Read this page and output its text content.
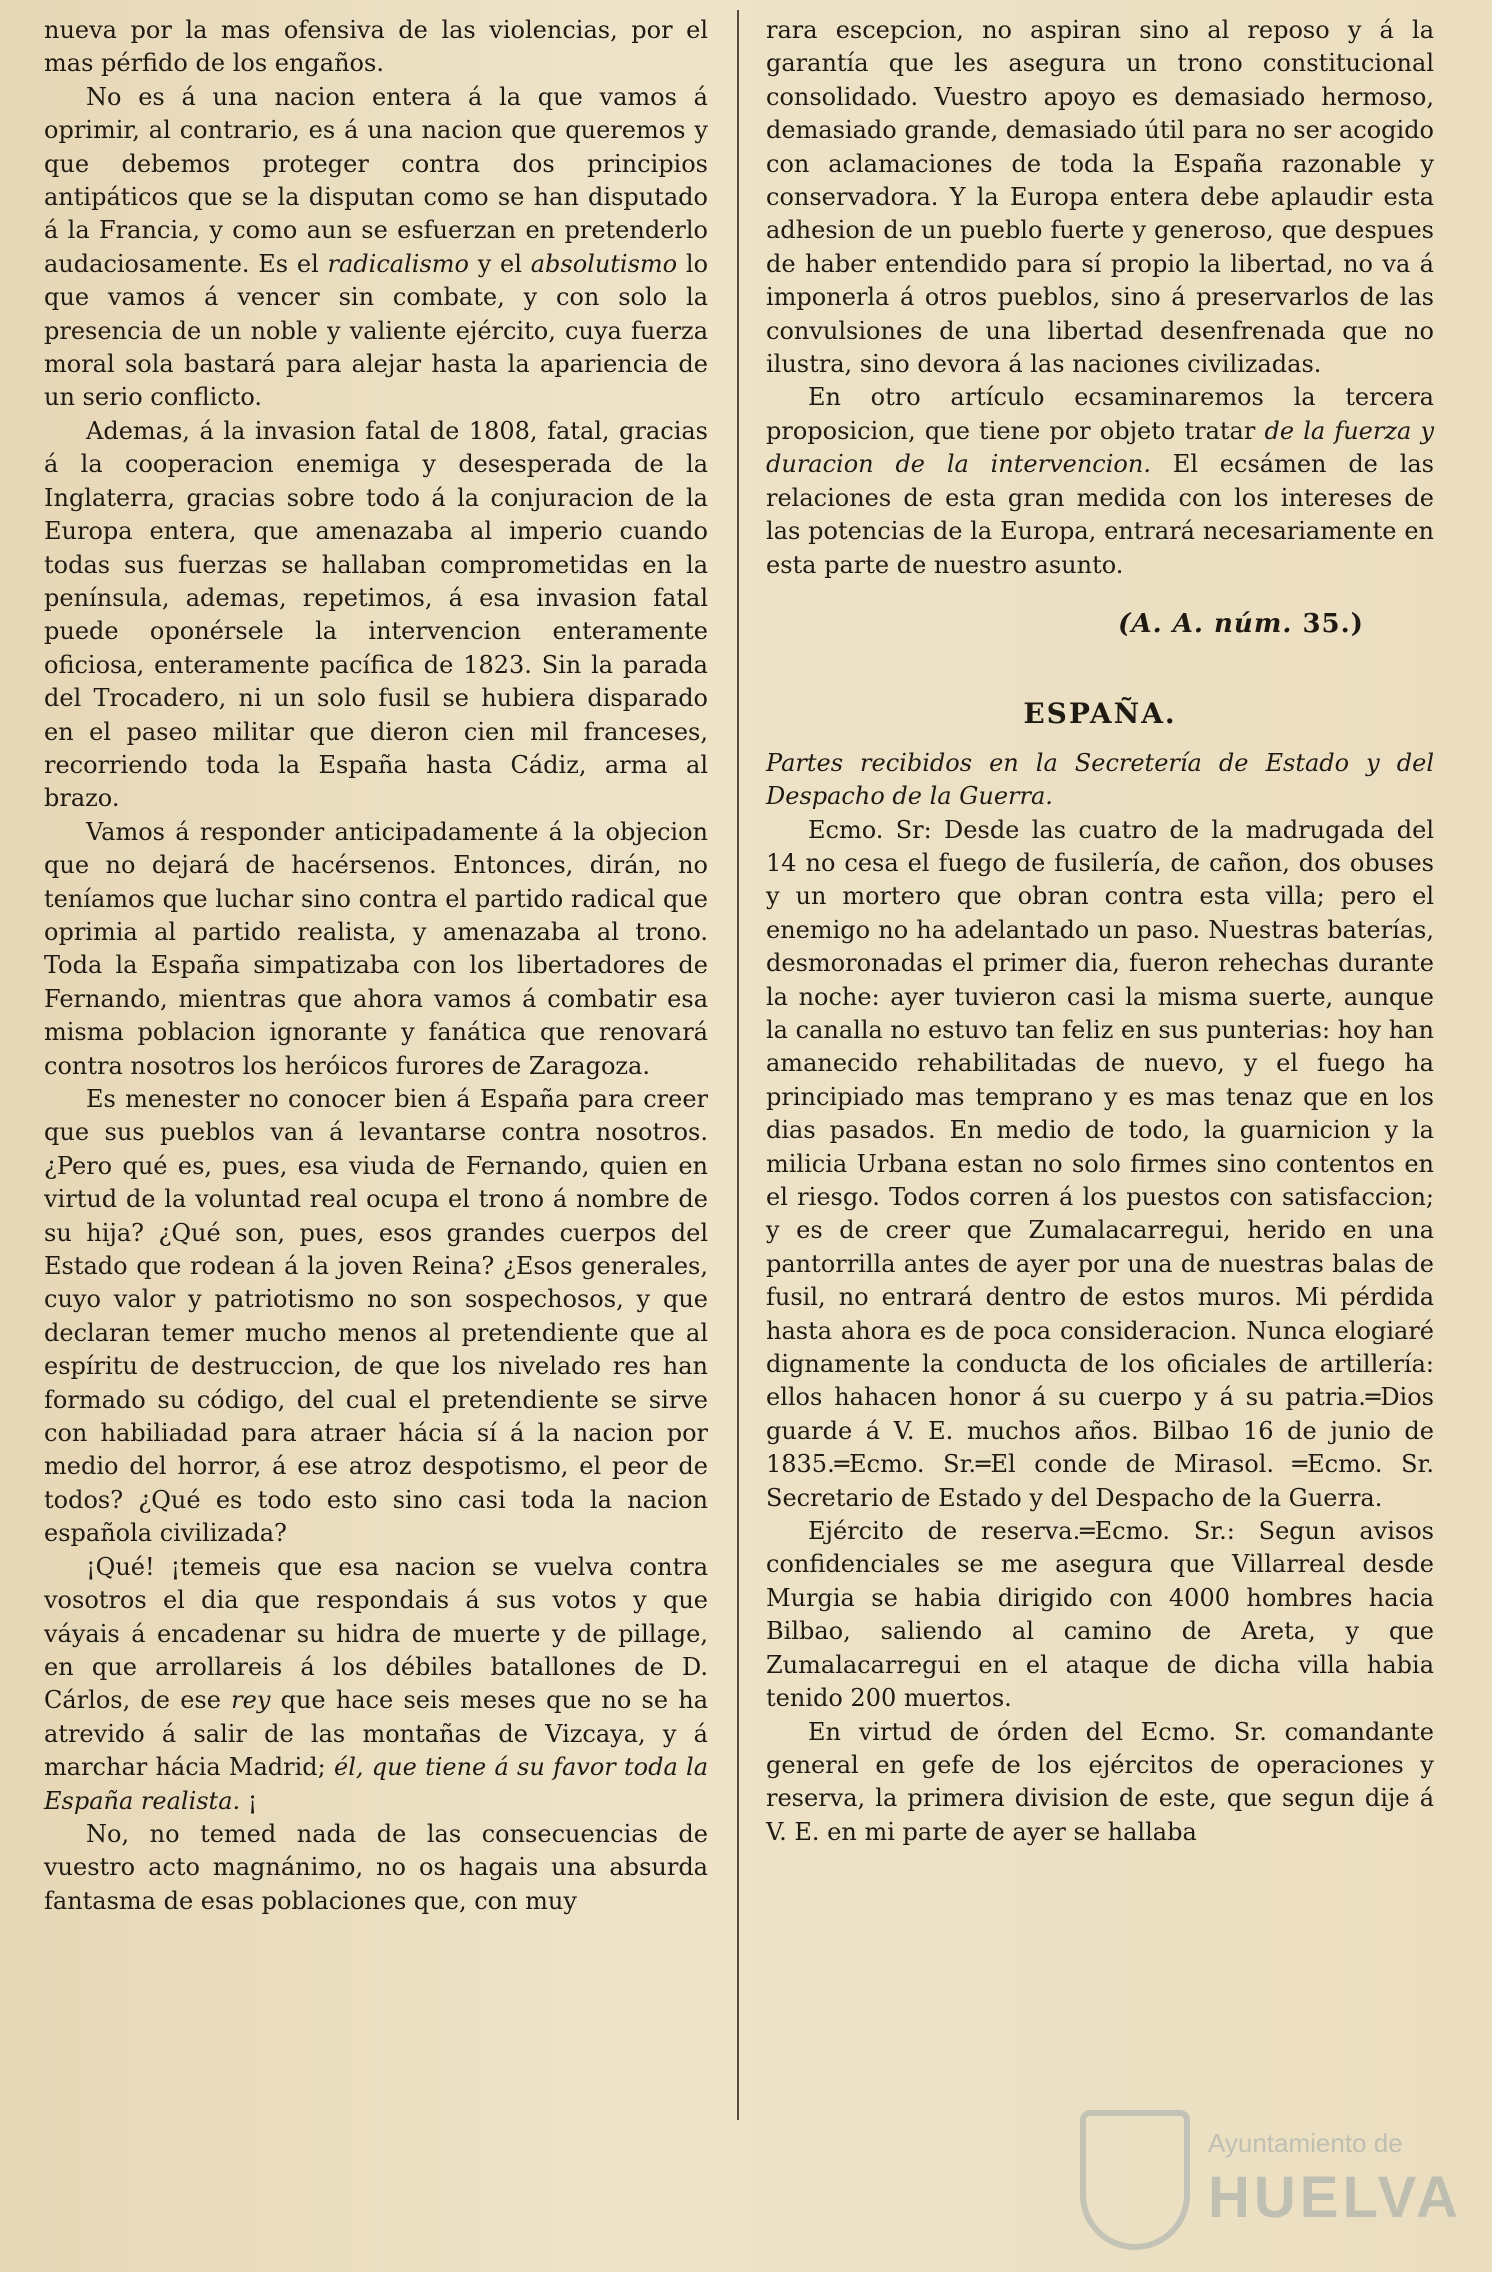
nueva por la mas ofensiva de las violencias, por el mas pérfido de los engaños.

No es á una nacion entera á la que vamos á oprimir, al contrario, es á una nacion que queremos y que debemos proteger contra dos principios antipáticos que se la disputan como se han disputado á la Francia, y como aun se esfuerzan en pretenderlo audaciosamente. Es el radicalismo y el absolutismo lo que vamos á vencer sin combate, y con solo la presencia de un noble y valiente ejército, cuya fuerza moral sola bastará para alejar hasta la apariencia de un serio conflicto.

Ademas, á la invasion fatal de 1808, fatal, gracias á la cooperacion enemiga y desesperada de la Inglaterra, gracias sobre todo á la conjuracion de la Europa entera, que amenazaba al imperio cuando todas sus fuerzas se hallaban comprometidas en la península, ademas, repetimos, á esa invasion fatal puede oponérsele la intervencion enteramente oficiosa, enteramente pacífica de 1823. Sin la parada del Trocadero, ni un solo fusil se hubiera disparado en el paseo militar que dieron cien mil franceses, recorriendo toda la España hasta Cádiz, arma al brazo.

Vamos á responder anticipadamente á la objecion que no dejará de hacérsenos. Entonces, dirán, no teníamos que luchar sino contra el partido radical que oprimia al partido realista, y amenazaba al trono. Toda la España simpatizaba con los libertadores de Fernando, mientras que ahora vamos á combatir esa misma poblacion ignorante y fanática que renovará contra nosotros los heróicos furores de Zaragoza.

Es menester no conocer bien á España para creer que sus pueblos van á levantarse contra nosotros. ¿Pero qué es, pues, esa viuda de Fernando, quien en virtud de la voluntad real ocupa el trono á nombre de su hija? ¿Qué son, pues, esos grandes cuerpos del Estado que rodean á la joven Reina? ¿Esos generales, cuyo valor y patriotismo no son sospechosos, y que declaran temer mucho menos al pretendiente que al espíritu de destruccion, de que los nivelado res han formado su código, del cual el pretendiente se sirve con habiliadad para atraer hácia sí á la nacion por medio del horror, á ese atroz despotismo, el peor de todos? ¿Qué es todo esto sino casi toda la nacion española civilizada?

¡Qué! ¡temeis que esa nacion se vuelva contra vosotros el dia que respondais á sus votos y que váyais á encadenar su hidra de muerte y de pillage, en que arrollareis á los débiles batallones de D. Cárlos, de ese rey que hace seis meses que no se ha atrevido á salir de las montañas de Vizcaya, y á marchar hácia Madrid; él, que tiene á su favor toda la España realista. ¡

No, no temed nada de las consecuencias de vuestro acto magnánimo, no os hagais una absurda fantasma de esas poblaciones que, con muy

rara escepcion, no aspiran sino al reposo y á la garantía que les asegura un trono constitucional consolidado. Vuestro apoyo es demasiado hermoso, demasiado grande, demasiado útil para no ser acogido con aclamaciones de toda la España razonable y conservadora. Y la Europa entera debe aplaudir esta adhesion de un pueblo fuerte y generoso, que despues de haber entendido para sí propio la libertad, no va á imponerla á otros pueblos, sino á preservarlos de las convulsiones de una libertad desenfrenada que no ilustra, sino devora á las naciones civilizadas.

En otro artículo ecsaminaremos la tercera proposicion, que tiene por objeto tratar de la fuerza y duracion de la intervencion. El ecsámen de las relaciones de esta gran medida con los intereses de las potencias de la Europa, entrará necesariamente en esta parte de nuestro asunto.

(A. A. núm. 35.)
ESPAÑA.

Partes recibidos en la Secretería de Estado y del Despacho de la Guerra.

Ecmo. Sr: Desde las cuatro de la madrugada del 14 no cesa el fuego de fusilería, de cañon, dos obuses y un mortero que obran contra esta villa; pero el enemigo no ha adelantado un paso. Nuestras baterías, desmoronadas el primer dia, fueron rehechas durante la noche: ayer tuvieron casi la misma suerte, aunque la canalla no estuvo tan feliz en sus punterias: hoy han amanecido rehabilitadas de nuevo, y el fuego ha principiado mas temprano y es mas tenaz que en los dias pasados. En medio de todo, la guarnicion y la milicia Urbana estan no solo firmes sino contentos en el riesgo. Todos corren á los puestos con satisfaccion; y es de creer que Zumalacarregui, herido en una pantorrilla antes de ayer por una de nuestras balas de fusil, no entrará dentro de estos muros. Mi pérdida hasta ahora es de poca consideracion. Nunca elogiaré dignamente la conducta de los oficiales de artillería: ellos hahacen honor á su cuerpo y á su patria.═Dios guarde á V. E. muchos años. Bilbao 16 de junio de 1835.═Ecmo. Sr.═El conde de Mirasol. ═Ecmo. Sr. Secretario de Estado y del Despacho de la Guerra.

Ejército de reserva.═Ecmo. Sr.: Segun avisos confidenciales se me asegura que Villarreal desde Murgia se habia dirigido con 4000 hombres hacia Bilbao, saliendo al camino de Areta, y que Zumalacarregui en el ataque de dicha villa habia tenido 200 muertos.

En virtud de órden del Ecmo. Sr. comandante general en gefe de los ejércitos de operaciones y reserva, la primera division de este, que segun dije á V. E. en mi parte de ayer se hallaba

Ayuntamiento de
HUELVA
